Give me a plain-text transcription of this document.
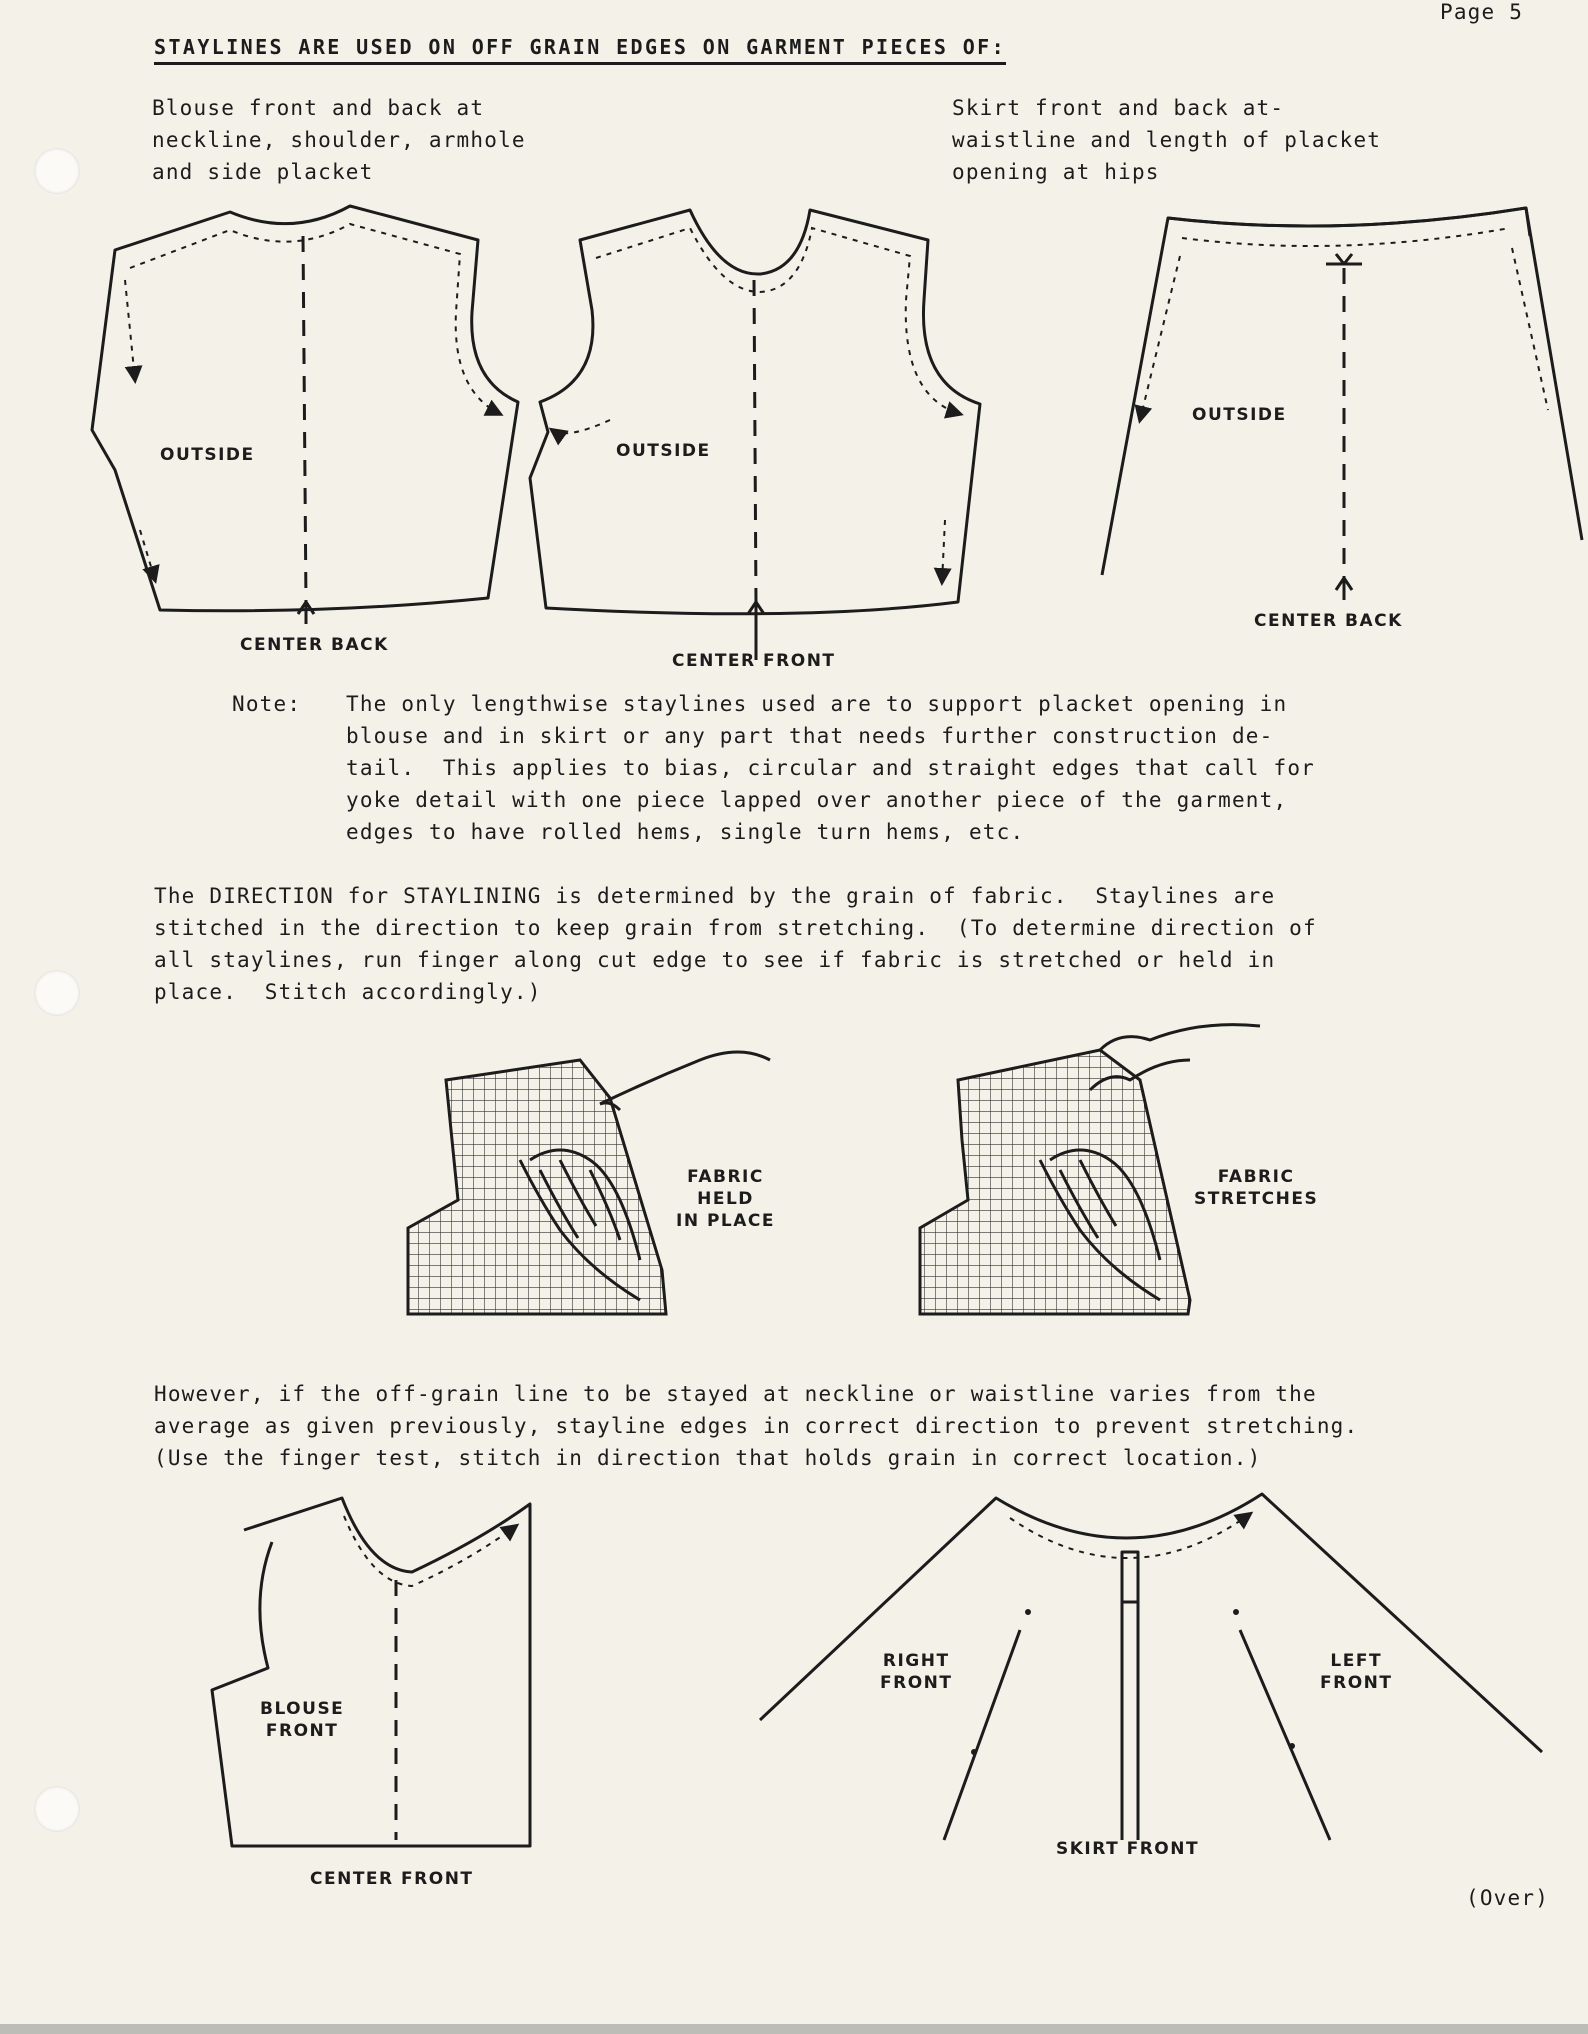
Page 5
STAYLINES ARE USED ON OFF GRAIN EDGES ON GARMENT PIECES OF:
Blouse front and back at
neckline, shoulder, armhole
and side placket
Skirt front and back at-
waistline and length of placket
opening at hips
OUTSIDE	OUTSIDE
OUTSIDE
CENTER BACK
CENTER FRONT
CENTER BACK
Note: The only lengthwise staylines used are to support placket opening in
blouse and in skirt or any part that needs further construction de-
tail.  This applies to bias, circular and straight edges that call for
yoke detail with one piece lapped over another piece of the garment,
edges to have rolled hems, single turn hems, etc.
The DIRECTION for STAYLINING is determined by the grain of fabric.  Staylines are
stitched in the direction to keep grain from stretching.  (To determine direction of
all staylines, run finger along cut edge to see if fabric is stretched or held in
place.  Stitch accordingly.)
FABRIC
HELD
IN PLACE
FABRIC
STRETCHES
However, if the off-grain line to be stayed at neckline or waistline varies from the
average as given previously, stayline edges in correct direction to prevent stretching.
(Use the finger test, stitch in direction that holds grain in correct location.)
BLOUSE
FRONT
CENTER FRONT
RIGHT
FRONT
LEFT
FRONT
SKIRT FRONT
(Over)
